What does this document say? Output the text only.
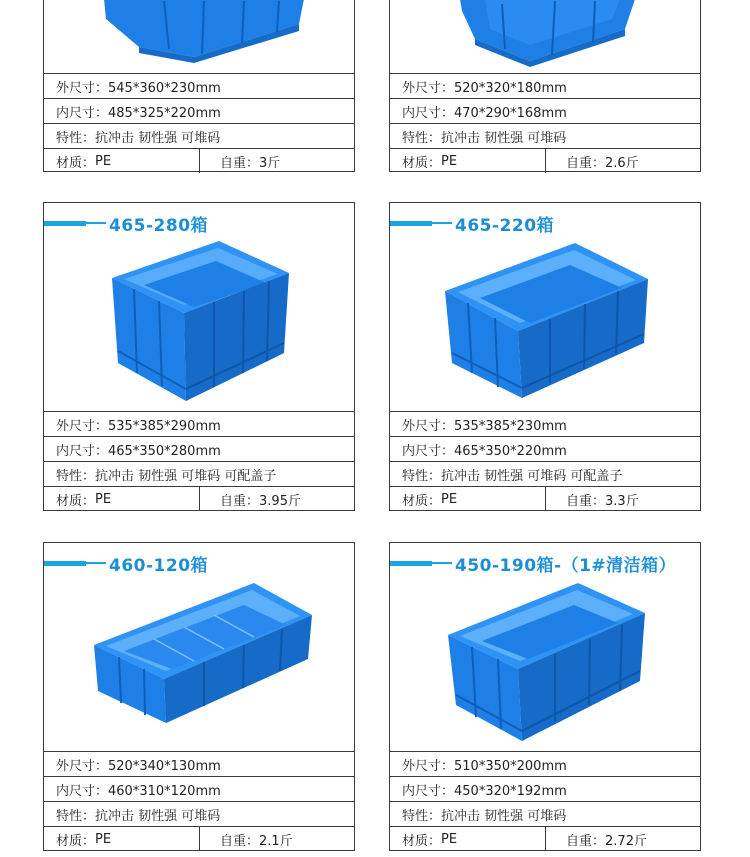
外尺寸：545*360*230mm
内尺寸：485*325*220mm
特性：抗冲击 韧性强 可堆码
材质： PE	自重： 3斤
外尺寸：520*320*180mm
内尺寸：470*290*168mm
特性：抗冲击 韧性强 可堆码
材质： PE	自重： 2.6斤
465-280箱
外尺寸：535*385*290mm
内尺寸：465*350*280mm
特性：抗冲击 韧性强 可堆码 可配盖子
材质： PE	自重： 3.95斤
465-220箱
外尺寸：535*385*230mm
内尺寸：465*350*220mm
特性：抗冲击 韧性强 可堆码 可配盖子
材质： PE	自重： 3.3斤
460-120箱
外尺寸：520*340*130mm
内尺寸：460*310*120mm
特性：抗冲击 韧性强 可堆码
材质： PE	自重： 2.1斤
450-190箱-（1#清洁箱）
外尺寸：510*350*200mm
内尺寸：450*320*192mm
特性：抗冲击 韧性强 可堆码
材质： PE	自重： 2.72斤
